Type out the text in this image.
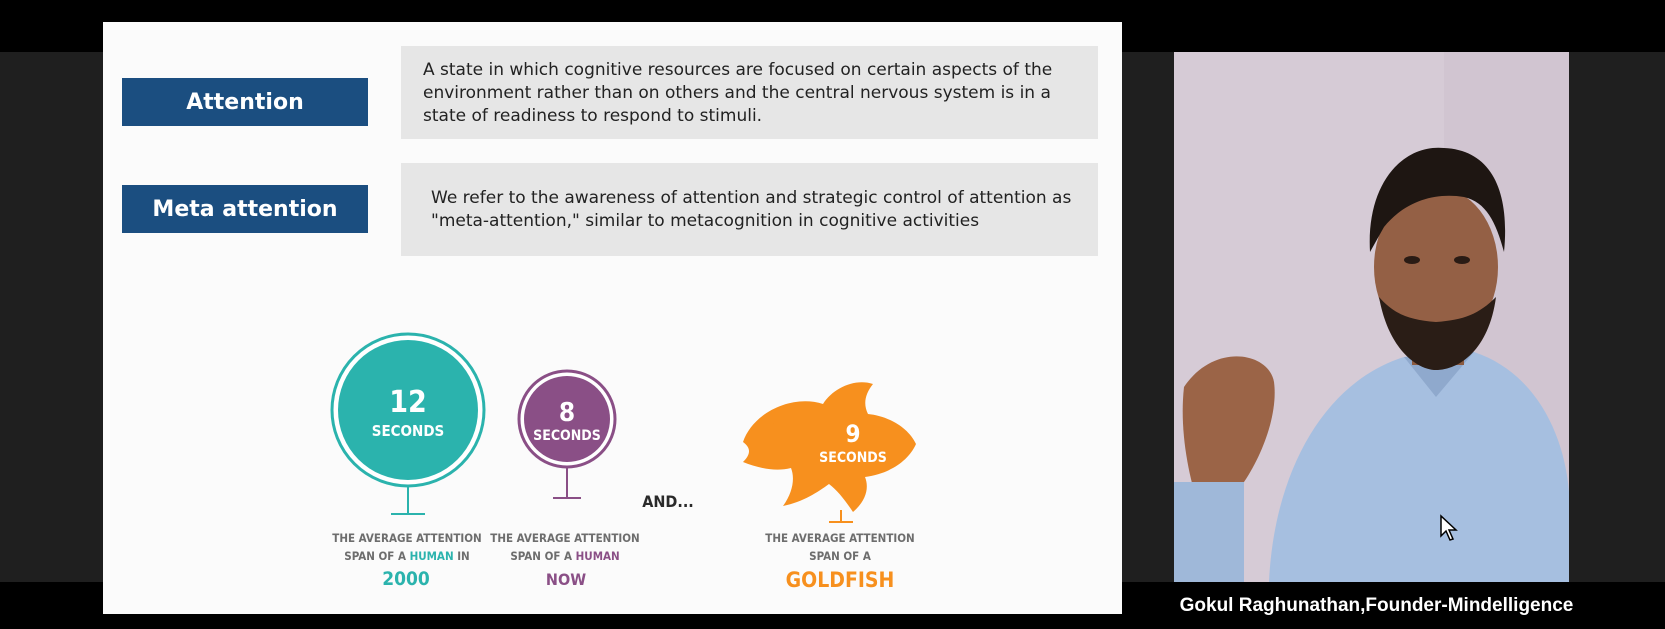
Attention
A state in which cognitive resources are focused on certain aspects of the environment rather than on others and the central nervous system is in a state of readiness to respond to stimuli.
Meta attention	We refer to the awareness of attention and strategic control of attention as "meta-attention," similar to metacognition in cognitive activities
12
SECONDS
THE AVERAGE ATTENTION
SPAN OF A HUMAN IN
2000
8
SECONDS
THE AVERAGE ATTENTION
SPAN OF A HUMAN
NOW
AND...
9
SECONDS
THE AVERAGE ATTENTION
SPAN OF A
GOLDFISH
Gokul Raghunathan,Founder-Mindelligence
